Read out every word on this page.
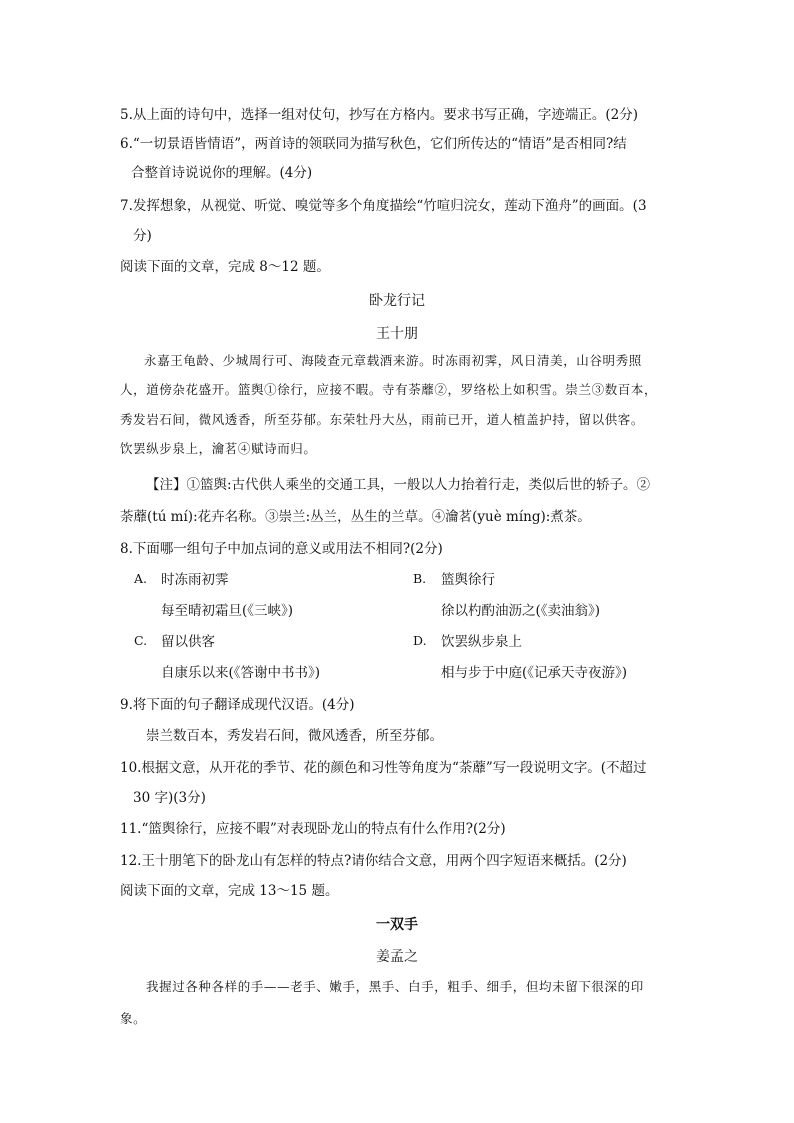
5.从上面的诗句中，选择一组对仗句，抄写在方格内。要求书写正确，字迹端正。(2分)
6.“一切景语皆情语”，两首诗的领联同为描写秋色，它们所传达的“情语”是否相同?结
合整首诗说说你的理解。(4分)
7.发挥想象，从视觉、听觉、嗅觉等多个角度描绘“竹喧归浣女，莲动下渔舟”的画面。(3
分)
阅读下面的文章，完成 8～12 题。
卧龙行记
王十朋
永嘉王龟龄、少城周行可、海陵查元章载酒来游。时冻雨初霁，风日清美，山谷明秀照
人，道傍杂花盛开。篮舆①徐行，应接不暇。寺有荼蘼②，罗络松上如积雪。崇兰③数百本，
秀发岩石间，微风透香，所至芬郁。东荣牡丹大丛，雨前已开，道人植盖护持，留以供客。
饮罢纵步泉上，瀹茗④赋诗而归。
【注】①篮舆:古代供人乘坐的交通工具，一般以人力抬着行走，类似后世的轿子。②
荼蘼(tú mí):花卉名称。③崇兰:丛兰，丛生的兰草。④瀹茗(yuè míng):煮茶。
8.下面哪一组句子中加点词的意义或用法不相同?(2分)
A. 时冻雨初霁
每至晴初霜旦(《三峡》)
B. 篮舆徐行
徐以杓酌油沥之(《卖油翁》)
C. 留以供客
自康乐以来(《答谢中书书》)
D. 饮罢纵步泉上
相与步于中庭(《记承天寺夜游》)
9.将下面的句子翻译成现代汉语。(4分)
崇兰数百本，秀发岩石间，微风透香，所至芬郁。
10.根据文意，从开花的季节、花的颜色和习性等角度为“荼蘼”写一段说明文字。(不超过
30 字)(3分)
11.“篮舆徐行，应接不暇”对表现卧龙山的特点有什么作用?(2分)
12.王十朋笔下的卧龙山有怎样的特点?请你结合文意，用两个四字短语来概括。(2分)
阅读下面的文章，完成 13～15 题。
一双手
姜孟之
我握过各种各样的手——老手、嫩手，黑手、白手，粗手、细手，但均未留下很深的印
象。
